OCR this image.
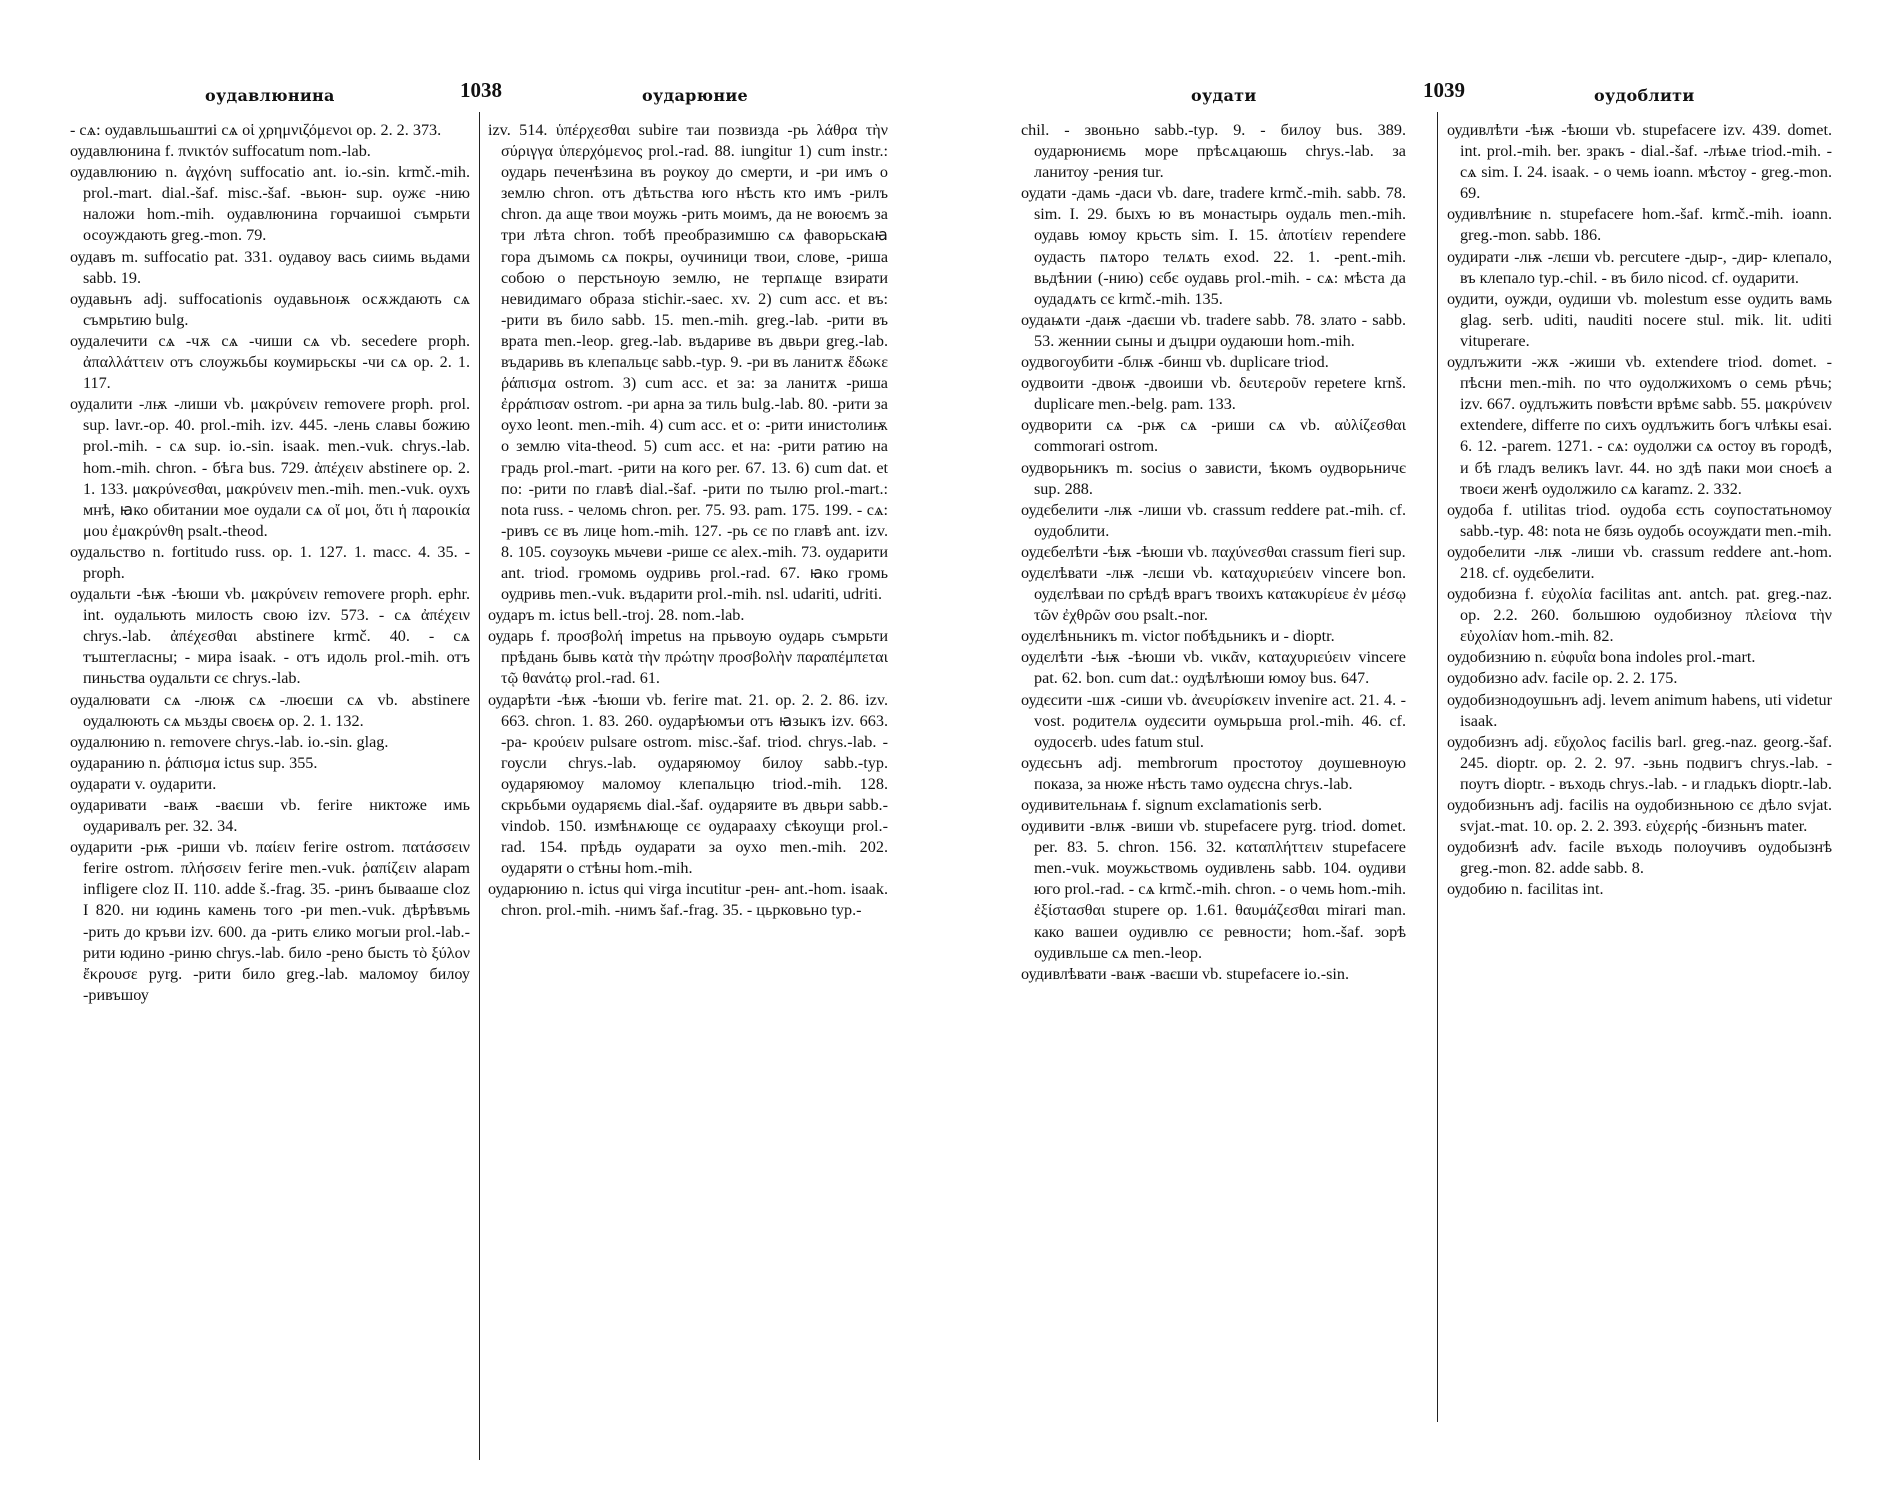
оудавлюнина	1038	оударюние

- сѧ: оудавльшьаштиі сѧ οἱ χρημνιζόμενοι op. 2. 2. 373.

оудавлюнина f. πνικτόν suffocatum nom.-lab.

оудавлюнию n. ἀγχόνη suffocatio ant. io.-sin. krmč.-mih. prol.-mart. dial.-šaf. misc.-šaf. -вьюн- sup. оужє -нию наложи hom.-mih. оудавлюнина горчаишоі съмрьти осоуждають greg.-mon. 79.

оудавъ m. suffocatio pat. 331. оудавоу вась сиимь вьдами sabb. 19.

оудавьнъ adj. suffocationis оудавьноѭ осѫждають сѧ съмрьтию bulg.

оудалечити сѧ -чѫ сѧ -чиши сѧ vb. secedere proph. ἀπαλλάττειν отъ слоужьбы коумирьскы -чи сѧ op. 2. 1. 117.

оудалити -лѭ -лиши vb. μακρύνειν removere proph. prol. sup. lavr.-op. 40. prol.-mih. izv. 445. -лень славы божию prol.-mih. - сѧ sup. io.-sin. isaak. men.-vuk. chrys.-lab. hom.-mih. chron. - бѣга bus. 729. ἀπέχειν abstinere op. 2. 1. 133. μακρύνεσθαι, μακρύνειν men.-mih. men.-vuk. оухъ мнѣ, ꙗко обитании мое оудали сѧ οἴ μοι, ὅτι ἡ παροικία μου ἐμακρύνθη psalt.-theod.

оудальство n. fortitudo russ. op. 1. 127. 1. macc. 4. 35. -proph.

оудальти -ѣѭ -ѣюши vb. μακρύνειν removere proph. ephr. int. оудальють милость свою izv. 573. - сѧ ἀπέχειν chrys.-lab. ἀπέχεσθαι abstinere krmč. 40. - сѧ тъштегласны; - мира isaak. - отъ идоль prol.-mih. отъ пиньства оудальти сє chrys.-lab.

оудалювати сѧ -люѭ сѧ -люєши сѧ vb. abstinere оудалюють сѧ мьзды своєѩ op. 2. 1. 132.

оудалюнию n. removere chrys.-lab. io.-sin. glag.

оударанию n. ῥάπισμα ictus sup. 355.

оударати v. оударити.

оударивати -ваѭ -ваєши vb. ferire никтоже имь оударивалъ per. 32. 34.

оударити -рѭ -риши vb. παίειν ferire ostrom. πατάσσειν ferire ostrom. πλήσσειν ferire men.-vuk. ῥαπίζειν alapam infligere cloz II. 110. adde š.-frag. 35. -ринъ бывааше cloz I 820. ни юдинь камень того -ри men.-vuk. дѣрѣвъмь -рить до кръви izv. 600. да -рить єлико могыи prol.-lab.-рити юдино -риню chrys.-lab. било -рено бысть τὸ ξύλον ἔκρουσε pyrg. -рити било greg.-lab. маломоу билоу -ривъшоу

izv. 514. ὑπέρχεσθαι subire таи позвизда -рь λάθρα τὴν σύριγγα ὑπερχόμενος prol.-rad. 88. iungitur 1) cum instr.: оударь печенѣзина въ роукоу до смерти, и -ри имъ о землю chron. отъ дѣтьства юго нѣсть кто имъ -рилъ chron. да аще твои моужь -рить моимъ, да не воюємъ за три лѣта chron. тобѣ преобразимшю сѧ фаворьскаꙗ гора дъıмомь сѧ покры, оучиници твои, слове, -риша собою о перстьноую землю, не терпѧще взирати невидимаго образа stichir.-saec. xv. 2) cum acc. et въ: -рити въ било sabb. 15. men.-mih. greg.-lab. -рити въ врата men.-leop. greg.-lab. въдариве въ двьри greg.-lab. въдаривь въ клепальцє sabb.-typ. 9. -ри въ ланитѫ ἔδωκε ῥάπισμα ostrom. 3) cum acc. et за: за ланитѫ -риша ἐρράπισαν ostrom. -ри арна за тиль bulg.-lab. 80. -рити за оухо leont. men.-mih. 4) cum acc. et о: -рити инистолиѭ о землю vita-theod. 5) cum acc. et на: -рити ратию на градь prol.-mart. -рити на кого per. 67. 13. 6) cum dat. et по: -рити по главѣ dial.-šaf. -рити по тылю prol.-mart.: nota russ. - челомь chron. per. 75. 93. pam. 175. 199. - сѧ: -ривъ сє въ лице hom.-mih. 127. -рь сє по главѣ ant. izv. 8. 105. соузоукь мьчеви -рише сє alex.-mih. 73. оударити ant. triod. громомь оудривь prol.-rad. 67. ꙗко громь оудривь men.-vuk. въдарити prol.-mih. nsl. udariti, udriti.

оударъ m. ictus bell.-troj. 28. nom.-lab.

оударь f. προσβολή impetus на прьвоую оударь съмрьти прѣдань бывь κατὰ τὴν πρώτην προσβολὴν παραπέμπεται τῷ θανάτῳ prol.-rad. 61.

оударѣти -ѣѭ -ѣюши vb. ferire mat. 21. op. 2. 2. 86. izv. 663. chron. 1. 83. 260. оударѣюмъи отъ ꙗзыкъ izv. 663. -ра- κρούειν pulsare ostrom. misc.-šaf. triod. chrys.-lab. - гоусли chrys.-lab. оударяюмоу билоу sabb.-typ. оударяюмоу маломоу клепальцю triod.-mih. 128. скрьбьми оударяємь dial.-šaf. оударяите въ двьри sabb.-vindob. 150. измѣнѧюще сє оударааху сѣкоущи prol.-rad. 154. прѣдь оударати за оухо men.-mih. 202. оударяти о стѣны hom.-mih.

оударюнию n. ictus qui virga incutitur -рен- ant.-hom. isaak. chron. prol.-mih. -нимъ šaf.-frag. 35. - цьрковьно typ.-

оудати	1039	оудоблити

chil. - звоньно sabb.-typ. 9. - билоу bus. 389. оударюниємь море прѣсѧцаюшь chrys.-lab. за ланитоу -рения tur.

оудати -дамь -даси vb. dare, tradere krmč.-mih. sabb. 78. sim. I. 29. быхъ ю въ монастырь оудаль men.-mih. оудавь юмоу крьсть sim. I. 15. ἀποτίειν rependere оудасть пѧтоpo телѧть exod. 22. 1. -pent.-mih. вьдѣнии (-нию) сєбє оудавь prol.-mih. - сѧ: мѣста да оудадѧть сє krmč.-mih. 135.

оудаѩти -даѭ -даєши vb. tradere sabb. 78. злато - sabb. 53. женнии сыны и дъıџри оудаюши hom.-mih.

оудвогоубити -блѭ -бинш vb. duplicare triod.

оудвоити -двоѭ -двоиши vb. δευτεροῦν repetere krnš. duplicare men.-belg. pam. 133.

оудворити сѧ -рѭ сѧ -риши сѧ vb. αὐλίζεσθαι commorari ostrom.

оудворьникъ m. socius о зависти, ѣкомъ оудворьничє sup. 288.

оудєбелити -лѭ -лиши vb. crassum reddere pat.-mih. cf. оудоблити.

оудєбелѣти -ѣѭ -ѣюши vb. παχύνεσθαι crassum fieri sup.

оудєлѣвати -лѭ -лєши vb. καταχυριεύειν vincere bon. оудєлѣваи по срѣдѣ врагъ твоихъ κατακυρίευε ἐν μέσῳ τῶν ἐχθρῶν σου psalt.-nor.

оудєлѣньникъ m. victor побѣдьникъ и - dioptr.

оудєлѣти -ѣѭ -ѣюши vb. νικᾶν, καταχυριεύειν vincere pat. 62. bon. cum dat.: оудѣлѣюши юмоу bus. 647.

оудєсити -шѫ -сиши vb. ἀνευρίσκειν invenire act. 21. 4. -vost. родителѧ оудєсити оумьрьша prol.-mih. 46. cf. оудосєrb. udes fatum stul.

оудєсьнъ adj. membrorum простотоу доушевноую показа, за нюже нѣсть тамо оудєсна chrys.-lab.

оудивительнаѩ f. signum exclamationis serb.

оудивити -влѭ -виши vb. stupefacere pyrg. triod. domet. per. 83. 5. chron. 156. 32. καταπλήττειν stupefacere men.-vuk. моужьствомь оудивлень sabb. 104. оудиви юго prol.-rad. - сѧ krmč.-mih. chron. - о чемь hom.-mih. ἐξίστασθαι stupere op. 1.61. θαυμάζεσθαι mirari man. како вашеи оудивлю сє ревности; hom.-šaf. зорѣ оудивльше сѧ men.-leop.

оудивлѣвати -ваѭ -ваєши vb. stupefacere io.-sin.

оудивлѣти -ѣѭ -ѣюши vb. stupefacere izv. 439. domet. int. prol.-mih. ber. зракъ - dial.-šaf. -лѣѩе triod.-mih. - сѧ sim. I. 24. isaak. - о чемь ioann. мѣстоу - greg.-mon. 69.

оудивлѣниѥ n. stupefacere hom.-šaf. krmč.-mih. ioann. greg.-mon. sabb. 186.

оудирати -лѭ -лєши vb. percutere -дыр-, -дир- клепало, въ клепало typ.-chil. - въ било nicod. cf. оударити.

оудити, оужди, оудиши vb. molestum esse оудить вамь glag. serb. uditi, nauditi nocere stul. mik. lit. uditi vituperare.

оудлъжити -жѫ -жиши vb. extendere triod. domet. - пѣсни men.-mih. по что оудолжихомъ о семь рѣчь; izv. 667. оудлъжить повѣсти врѣмє sabb. 55. μακρύνειν extendere, differre по сихъ оудлъжить богъ члѣкы esai. 6. 12. -parem. 1271. - сѧ: оудолжи сѧ остоу въ городѣ, и бѣ гладъ великъ lavr. 44. но здѣ паки мои сноєѣ а твоєи женѣ оудолжило сѧ karamz. 2. 332.

оудоба f. utilitas triod. оудоба єсть соупостатьномоу sabb.-typ. 48: nota не бязь оудобь осоуждати men.-mih.

оудобелити -лѭ -лиши vb. crassum reddere ant.-hom. 218. cf. оудєбелити.

оудобизна f. εὐχολία facilitas ant. antch. pat. greg.-naz. op. 2.2. 260. большюю оудобизноу πλεἱονα τὴν εὐχολίαν hom.-mih. 82.

оудобизнию n. εὐφυΐα bona indoles prol.-mart.

оудобизно adv. facile op. 2. 2. 175.

оудобизнодоушьнъ adj. levem animum habens, uti videtur isaak.

оудобизнъ adj. εὔχολος facilis barl. greg.-naz. georg.-šaf. 245. dioptr. op. 2. 2. 97. -зьнь подвигъ chrys.-lab. - поутъ dioptr. - въходь chrys.-lab. - и гладькъ dioptr.-lab.

оудобизньнъ adj. facilis на оудобизньною сє дѣло svjat. svjat.-mat. 10. op. 2. 2. 393. εὐχερής -бизньнъ mater.

оудобизнѣ adv. facile въходь полоучивъ оудобызнѣ greg.-mon. 82. adde sabb. 8.

оудобию n. facilitas int.
